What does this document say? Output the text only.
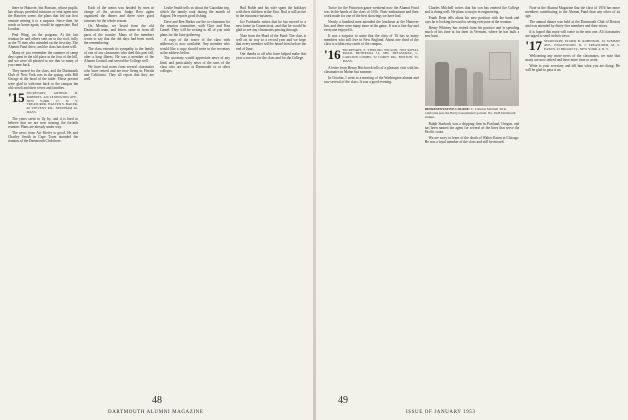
there in Hanover, but Russian, whose pupils, has always provided missions or sent agent into the Hanover scene, the plans that fed our first venture mining it to a surprise. Since then, he sends us home again, would he appreciate, Bud London.

Paul Wing, on the program. At the last reunion he and others sent on to the roof, fully as the 75 men who attended on the first day. The Alumni Fund drive, and the class has done well.

Many of you remember the summer of camp days spent in the old place at the foot of the hill, and we were all pleased to see that so many of you came back.

They turned for the class, and the Dartmouth Club of New York was in the spring, with Bill George at the head of the table. Those present were glad to welcome back to the campus the old crowd and their wives and families.

'15 SECRETARY, ARTHUR B. ROBERTS, 420 LEXINGTON AVE., NEW YORK 17, N. Y. TREASURER, WALTER S. BAKER, 60 STEVENS RD., NEEDHAM 92, MASS.

The years seem to fly by, and it is hard to believe that we are now nearing the fortieth reunion. Plans are already under way.

The news from Art Kiefer is good. He and Charley Smith in Cape Town attended the reunion of the Dartmouth Club there.

Each of the teams was headed by men in charge of the section. Judge Ross again organized the dinner and there were good turnouts for the whole season.

On Monday, we heard from the old Dartmouth team, and letters came in from all parts of the country. Many of the members wrote to say that the old days had been worth the remembering.

The class extends its sympathy to the family of one of our classmates who died this past fall, after a long illness. He was a member of the Alumni Council and served the College well.

We have had notes from several classmates who have retired and are now living in Florida and California. They all report that they are well.

Leslie Smith tells us about the Canadian trip, which the family took during the month of August. He reports good fishing.

Dave and Ben Barker are the co-chairmen for the reunion committee, with Clint and Ken Camel. They will be writing to all of you with plans for the June gathering.

A copy of the roster of the class with addresses is now available. Any member who would like a copy should write to the secretary at the address below.

The secretary would appreciate news of any kind, and particularly news of the sons of the class who are now at Dartmouth or at other colleges.

Bud Ruhle and his wife spent the holidays with their children in the East. Bud is still active in the insurance business.

Joe Fairbanks writes that he has moved to a new home in Connecticut, and that he would be glad to see any classmates passing through.

Note from the Head of the Fund: The class is well on its way to a record year and we hope that every member will be heard from before the end of June.

Our thanks to all who have helped make this year a success for the class and for the College.

48
DARTMOUTH ALUMNI MAGAZINE

Twice for the Princeton game weekend now the Alumni Fund was in the hands of the class of 1916. Their enthusiasm and their work made for one of the best showings we have had.

Nearly a hundred men attended the luncheon at the Hanover Inn, and there were many more at the game. It was a fine day and everyone enjoyed it.

It was a surprise to some that the class of '16 has so many members who still live in New England. About one third of the class is within easy reach of the campus.

'16 SECRETARY, F. STIRLING WILSON, 7810 ROYAL ROAD, BETHESDA 14, MD. TREASURER, C. CARLTON COMBS, 52 COREY RD., BOSTON, 35, MASS.

A letter from Henry Hitchcock tells of a pleasant visit with his classmates in Maine last summer.

In October, I went to a meeting of the Washington alumni and saw several of the class. It was a good evening.

Charles Mitchell writes that his son has entered the College and is doing well. He plans to major in engineering.

Frank Dean tells about his new position with the bank and says he is looking forward to seeing everyone at the reunion.

Henry Whitney has retired from his practice and is spending much of his time at his farm in Vermont, where he has built a new barn.

REPRESENTATIVE COURSE: C. Carleton Mitchell '16 in California sees the Harry Giesselman's portrait. No. 1928 Dartmouth alumni.

Ralph Starbuck was a shipping firm in Portland, Oregon, and has been named the agent for several of the lines that serve the Pacific coast.

We are sorry to learn of the death of Walter Eaton in Chicago. He was a loyal member of the class and will be missed.

Note in the Alumni Magazine that the class of 1916 has more members contributing to the Alumni Fund than any other of its age.

The annual dinner was held at the Dartmouth Club of Boston and was attended by thirty-five members and their wives.

It is hoped that more will come to the next one. All classmates are urged to send in their news.

'17 SECRETARY, ELMER B. ROBINSON, 32 SUMMIT AVE., ENGLEWOOD, N. J. TREASURER, M. S. EATON, 25 BROAD ST., NEW YORK 4, N. Y.

Welcoming any more news of the classmates, we note that many are now retired and have more time to write.

Write to your secretary and tell him what you are doing. He will be glad to pass it on.

49
ISSUE OF JANUARY 1953
